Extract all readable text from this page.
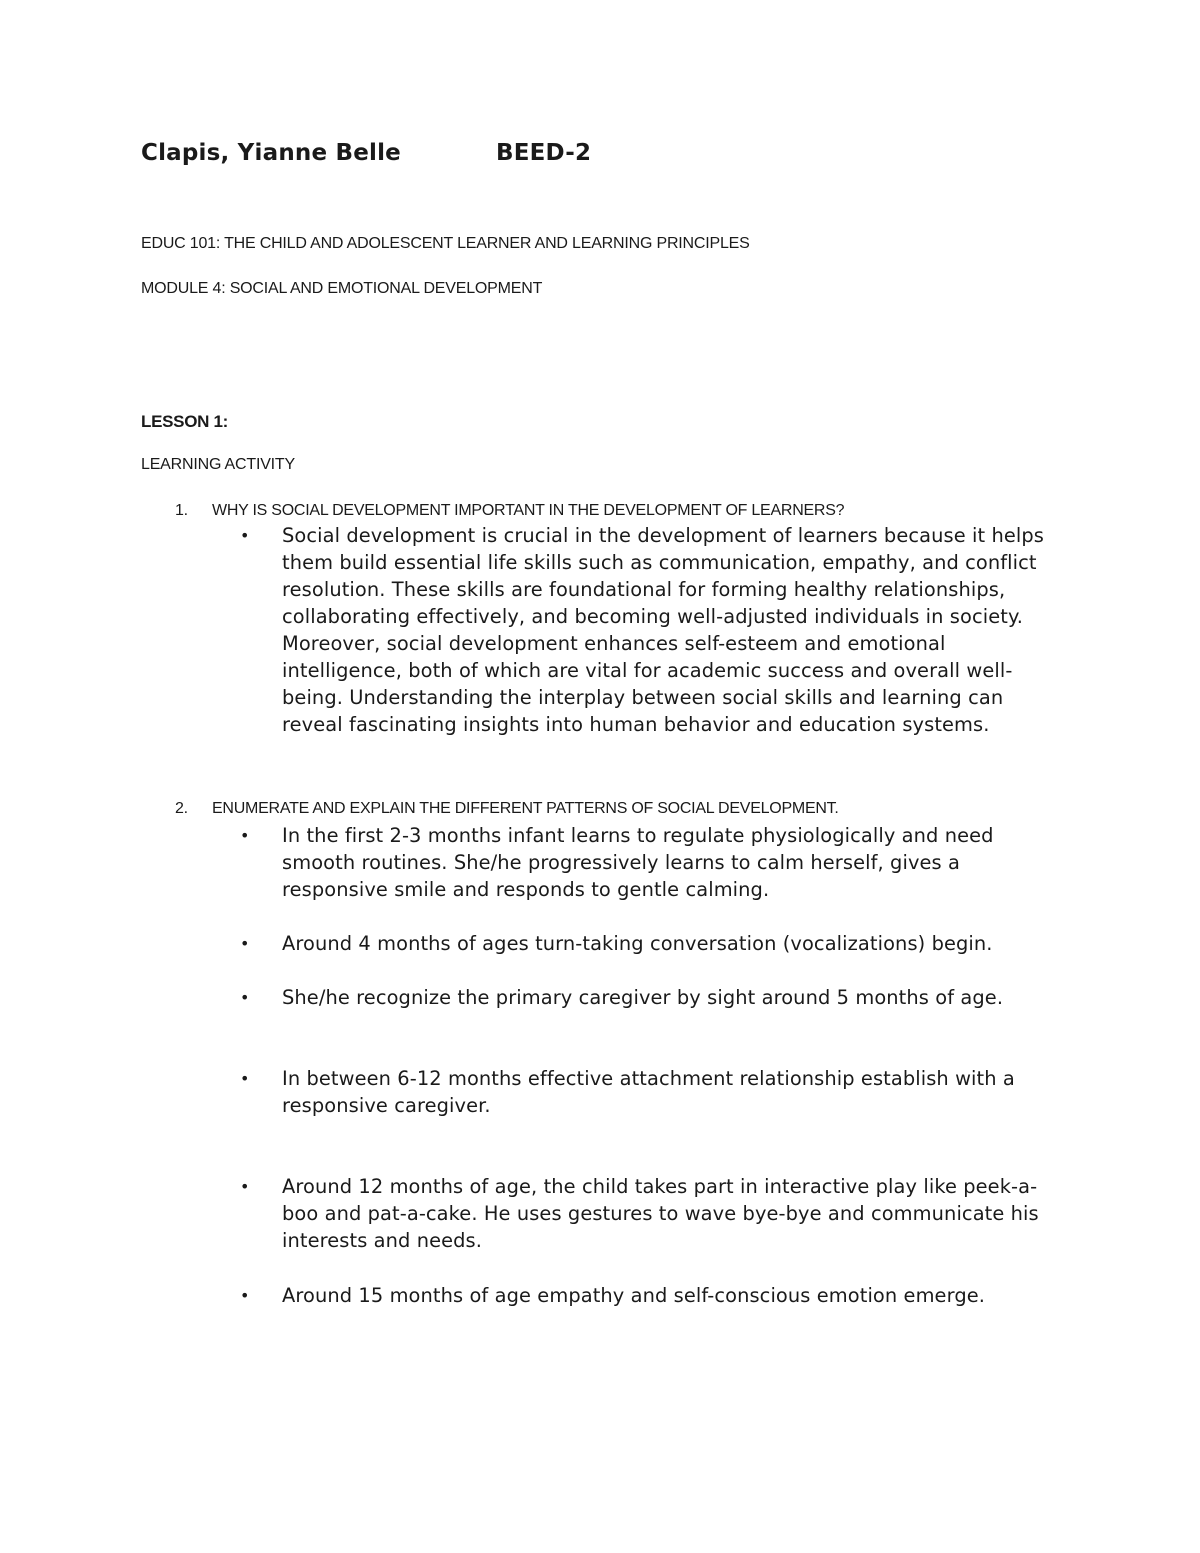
Clapis, Yianne Belle	BEED-2
EDUC 101: THE CHILD AND ADOLESCENT LEARNER AND LEARNING PRINCIPLES
MODULE 4: SOCIAL AND EMOTIONAL DEVELOPMENT
LESSON 1:
LEARNING ACTIVITY
1. WHY IS SOCIAL DEVELOPMENT IMPORTANT IN THE DEVELOPMENT OF LEARNERS?
•	Social development is crucial in the development of learners because it helps them build essential life skills such as communication, empathy, and conflict resolution. These skills are foundational for forming healthy relationships, collaborating effectively, and becoming well-adjusted individuals in society. Moreover, social development enhances self-esteem and emotional intelligence, both of which are vital for academic success and overall well-being. Understanding the interplay between social skills and learning can reveal fascinating insights into human behavior and education systems.
2. ENUMERATE AND EXPLAIN THE DIFFERENT PATTERNS OF SOCIAL DEVELOPMENT.
•	In the first 2-3 months infant learns to regulate physiologically and need smooth routines. She/he progressively learns to calm herself, gives a responsive smile and responds to gentle calming.
•	Around 4 months of ages turn-taking conversation (vocalizations) begin.
•	She/he recognize the primary caregiver by sight around 5 months of age.
•	In between 6-12 months effective attachment relationship establish with a responsive caregiver.
•	Around 12 months of age, the child takes part in interactive play like peek-a-boo and pat-a-cake. He uses gestures to wave bye-bye and communicate his interests and needs.
•	Around 15 months of age empathy and self-conscious emotion emerge.
